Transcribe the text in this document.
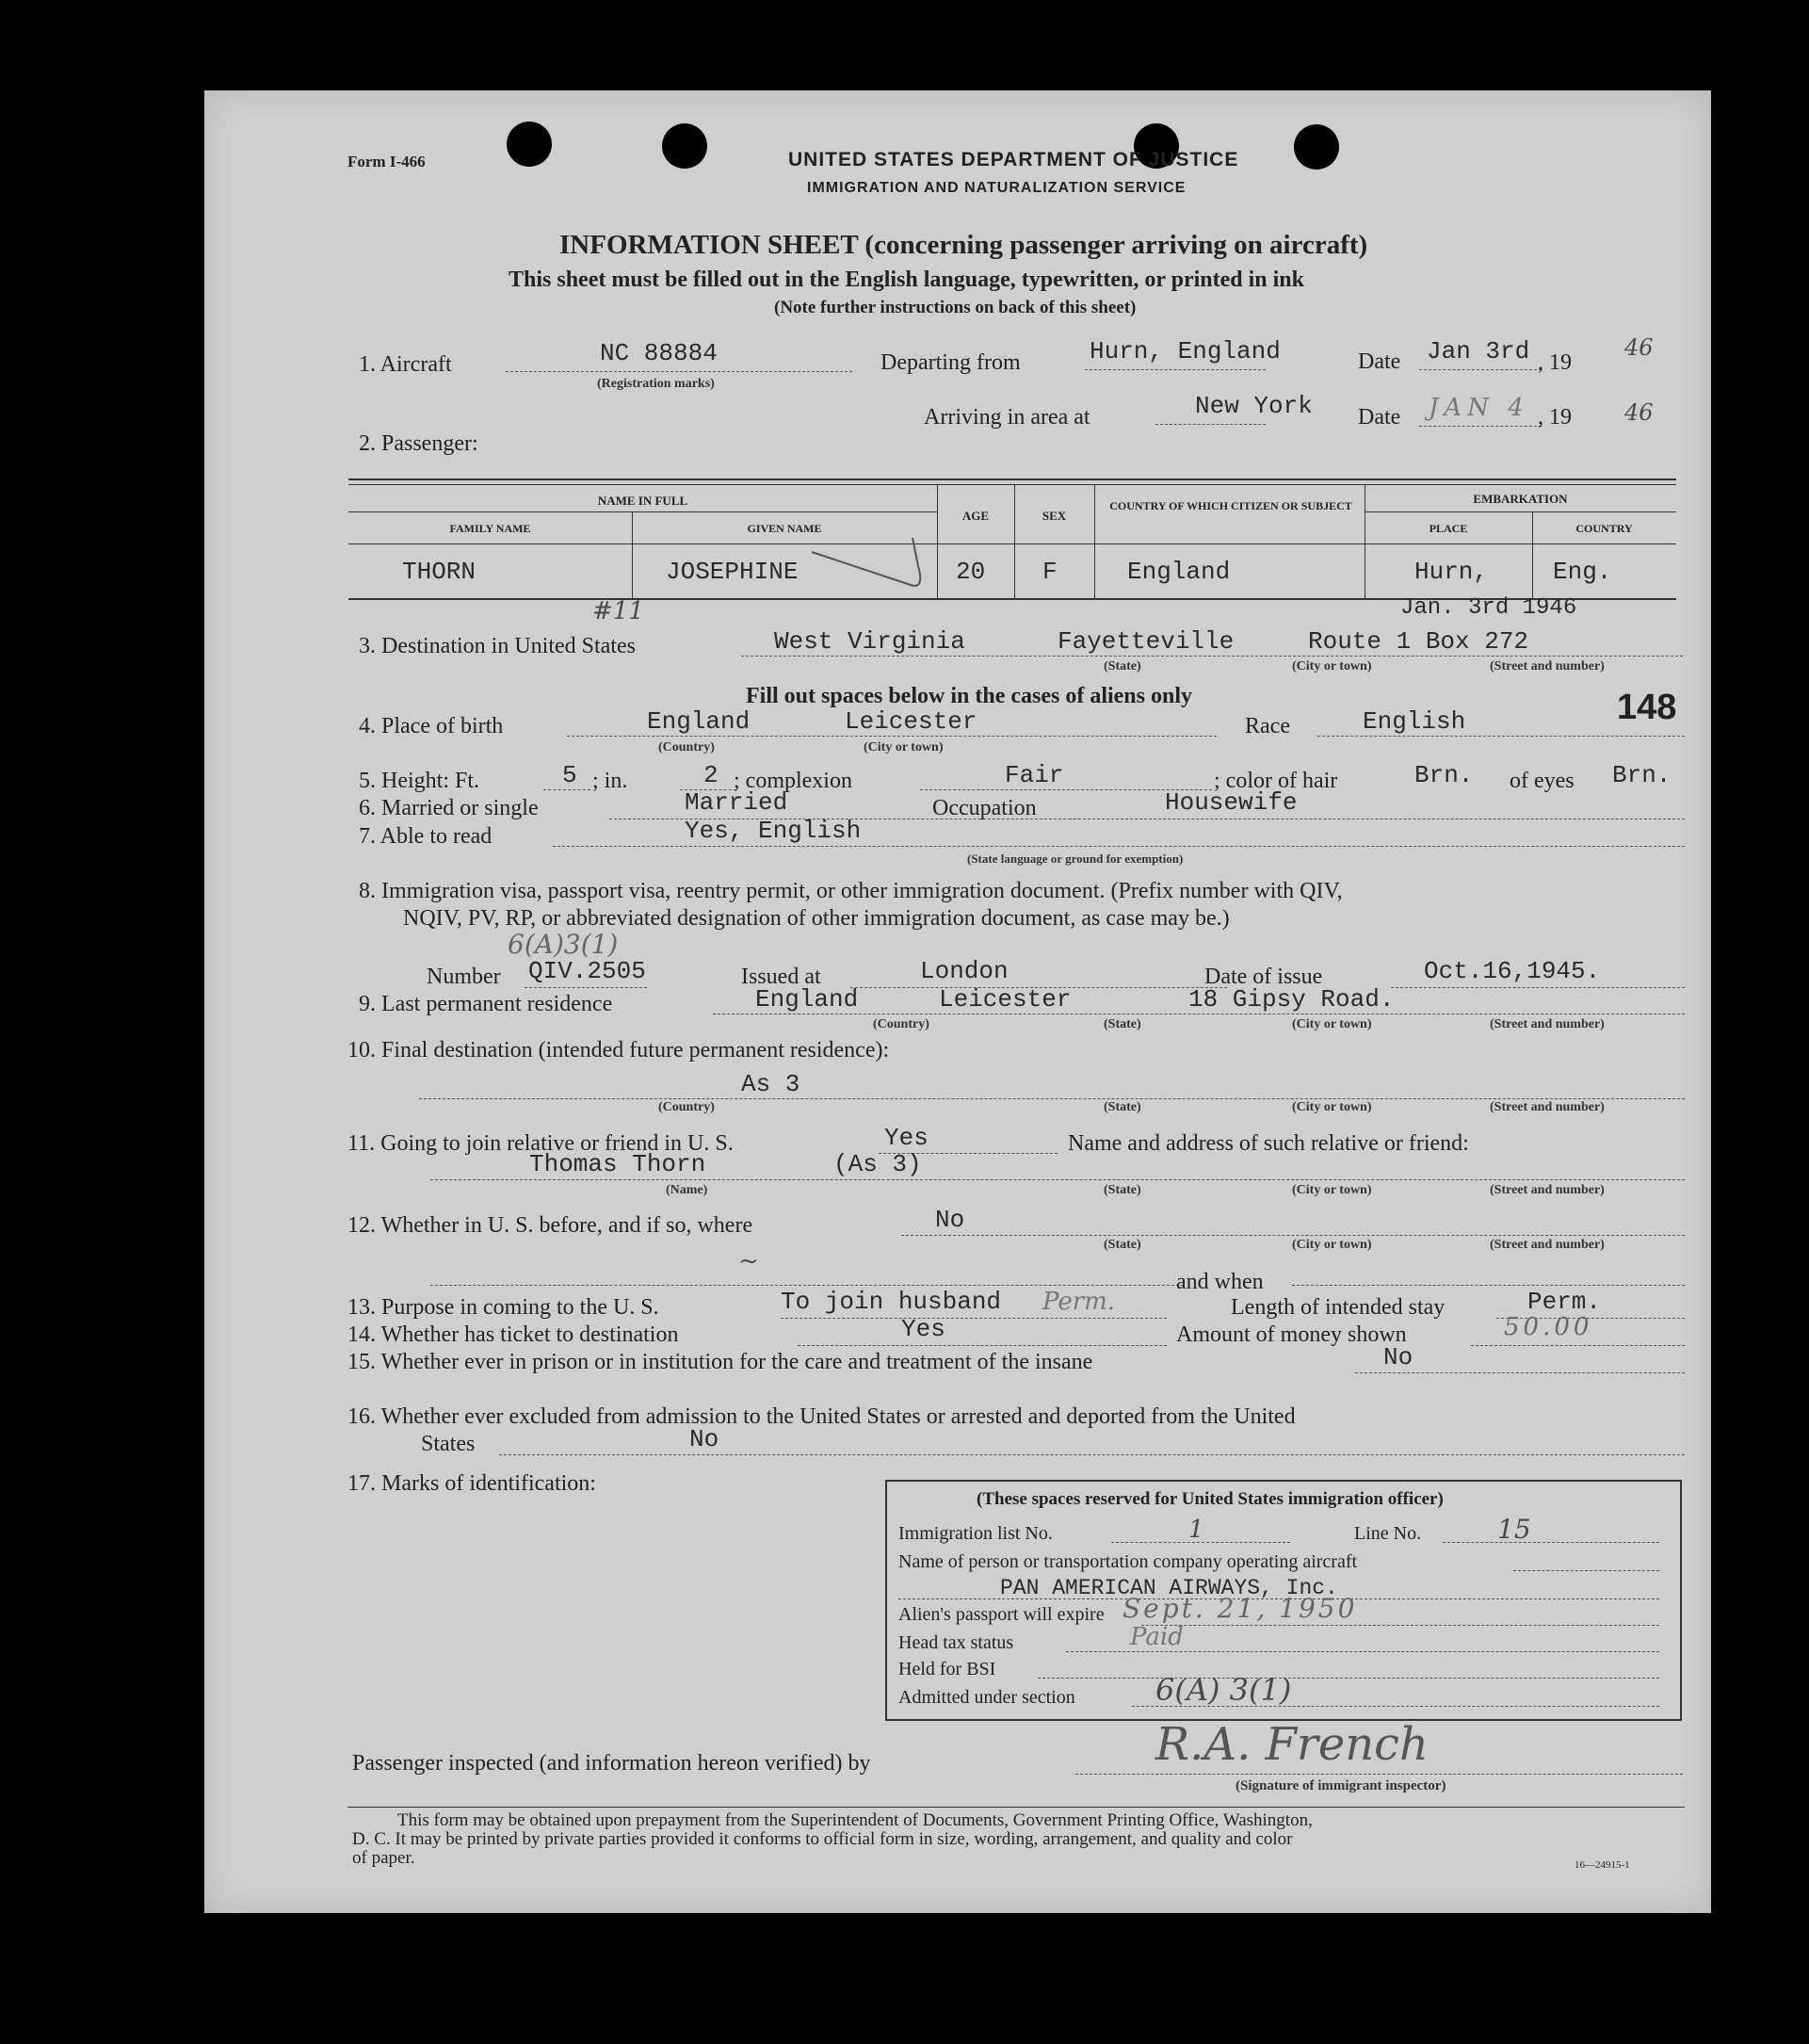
Form I-466	UNITED STATES DEPARTMENT OF JUSTICE
IMMIGRATION AND NATURALIZATION SERVICE
INFORMATION SHEET (concerning passenger arriving on aircraft)
This sheet must be filled out in the English language, typewritten, or printed in ink
(Note further instructions on back of this sheet)
1. Aircraft	NC 88884
(Registration marks)
Departing from	Hurn, England	Date Jan 3rd , 19
46
Arriving in area at	New York Date JAN 4 , 19 46
2. Passenger:
NAME IN FULL
FAMILY NAME	GIVEN NAME
AGE	SEX
COUNTRY OF WHICH CITIZEN OR SUBJECT	EMBARKATION
PLACE	COUNTRY
THORN	JOSEPHINE	20 F	England	Hurn,	Eng.
#11	Jan. 3rd 1946
3. Destination in United States	West Virginia	Fayetteville	Route 1 Box 272
(State)	(City or town)	(Street and number)
Fill out spaces below in the cases of aliens only	148
4. Place of birth	England	Leicester
(Country)	(City or town)
Race	English
5. Height: Ft.	5 ; in.	2 ; complexion	Fair	; color of hair	Brn. of eyes Brn.
6. Married or single	Married	Occupation	Housewife
7. Able to read	Yes, English
(State language or ground for exemption)
8. Immigration visa, passport visa, reentry permit, or other immigration document. (Prefix number with QIV,
NQIV, PV, RP, or abbreviated designation of other immigration document, as case may be.)
6(A)3(1)
Number QIV.2505	Issued at	London	Date of issue	Oct.16,1945.
9. Last permanent residence	England	Leicester	18 Gipsy Road.
(Country)	(State)	(City or town)	(Street and number)
10. Final destination (intended future permanent residence):
As 3
(Country)	(State)	(City or town)	(Street and number)
11. Going to join relative or friend in U. S.	Yes	Name and address of such relative or friend:
Thomas Thorn	(As 3)
(Name)	(State)	(City or town)	(Street and number)
12. Whether in U. S. before, and if so, where	No
(State)	(City or town)	(Street and number)
~
and when
13. Purpose in coming to the U. S.	To join husband Perm.	Length of intended stay	Perm.
14. Whether has ticket to destination	Yes	Amount of money shown	50.00
15. Whether ever in prison or in institution for the care and treatment of the insane	No
16. Whether ever excluded from admission to the United States or arrested and deported from the United
States	No
17. Marks of identification:
(These spaces reserved for United States immigration officer)
Immigration list No.	1	Line No.	15
Name of person or transportation company operating aircraft
PAN AMERICAN AIRWAYS, Inc.
Alien's passport will expire Sept. 21, 1950
Head tax status	Paid
Held for BSI
Admitted under section	6(A) 3(1)
Passenger inspected (and information hereon verified) by	R.A. French
(Signature of immigrant inspector)
This form may be obtained upon prepayment from the Superintendent of Documents, Government Printing Office, Washington,
D. C. It may be printed by private parties provided it conforms to official form in size, wording, arrangement, and quality and color
of paper.	16—24915-1
